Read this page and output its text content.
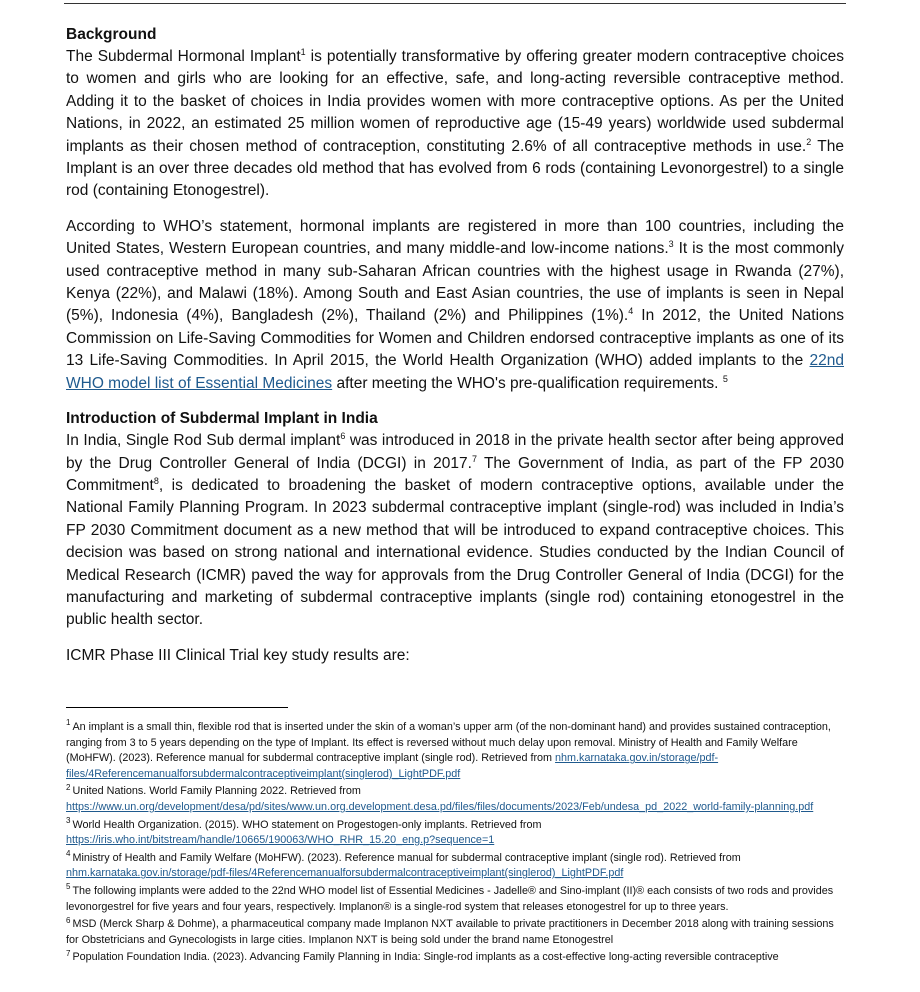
Background

The Subdermal Hormonal Implant$^1$ is potentially transformative by offering greater modern contraceptive choices to women and girls who are looking for an effective, safe, and long-acting reversible contraceptive method. Adding it to the basket of choices in India provides women with more contraceptive options. As per the United Nations, in 2022, an estimated 25 million women of reproductive age (15-49 years) worldwide used subdermal implants as their chosen method of contraception, constituting 2.6% of all contraceptive methods in use.$^2$ The Implant is an over three decades old method that has evolved from 6 rods (containing Levonorgestrel) to a single rod (containing Etonogestrel).

According to WHO’s statement, hormonal implants are registered in more than 100 countries, including the United States, Western European countries, and many middle-and low-income nations.$^3$ It is the most commonly used contraceptive method in many sub-Saharan African countries with the highest usage in Rwanda (27%), Kenya (22%), and Malawi (18%). Among South and East Asian countries, the use of implants is seen in Nepal (5%), Indonesia (4%), Bangladesh (2%), Thailand (2%) and Philippines (1%).$^4$ In 2012, the United Nations Commission on Life-Saving Commodities for Women and Children endorsed contraceptive implants as one of its 13 Life-Saving Commodities. In April 2015, the World Health Organization (WHO) added implants to the 22nd WHO model list of Essential Medicines after meeting the WHO's pre-qualification requirements. $^5$

Introduction of Subdermal Implant in India

In India, Single Rod Sub dermal implant$^6$ was introduced in 2018 in the private health sector after being approved by the Drug Controller General of India (DCGI) in 2017.$^7$ The Government of India, as part of the FP 2030 Commitment$^8$, is dedicated to broadening the basket of modern contraceptive options, available under the National Family Planning Program. In 2023 subdermal contraceptive implant (single-rod) was included in India’s FP 2030 Commitment document as a new method that will be introduced to expand contraceptive choices. This decision was based on strong national and international evidence. Studies conducted by the Indian Council of Medical Research (ICMR) paved the way for approvals from the Drug Controller General of India (DCGI) for the manufacturing and marketing of subdermal contraceptive implants (single rod) containing etonogestrel in the public health sector.

ICMR Phase III Clinical Trial key study results are:

$^1$ An implant is a small thin, flexible rod that is inserted under the skin of a woman’s upper arm (of the non-dominant hand) and provides sustained contraception, ranging from 3 to 5 years depending on the type of Implant. Its effect is reversed without much delay upon removal. Ministry of Health and Family Welfare (MoHFW). (2023). Reference manual for subdermal contraceptive implant (single rod). Retrieved from nhm.karnataka.gov.in/storage/pdf-files/4Referencemanualforsubdermalcontraceptiveimplant(singlerod)_LightPDF.pdf

$^2$ United Nations. World Family Planning 2022. Retrieved from https://www.un.org/development/desa/pd/sites/www.un.org.development.desa.pd/files/files/documents/2023/Feb/undesa_pd_2022_world-family-planning.pdf

$^3$ World Health Organization. (2015). WHO statement on Progestogen-only implants. Retrieved from https://iris.who.int/bitstream/handle/10665/190063/WHO_RHR_15.20_eng.p?sequence=1

$^4$ Ministry of Health and Family Welfare (MoHFW). (2023). Reference manual for subdermal contraceptive implant (single rod). Retrieved from nhm.karnataka.gov.in/storage/pdf-files/4Referencemanualforsubdermalcontraceptiveimplant(singlerod)_LightPDF.pdf

$^5$ The following implants were added to the 22nd WHO model list of Essential Medicines - Jadelle® and Sino-implant (II)® each consists of two rods and provides levonorgestrel for five years and four years, respectively. Implanon® is a single-rod system that releases etonogestrel for up to three years.

$^6$ MSD (Merck Sharp & Dohme), a pharmaceutical company made Implanon NXT available to private practitioners in December 2018 along with training sessions for Obstetricians and Gynecologists in large cities. Implanon NXT is being sold under the brand name Etonogestrel

$^7$ Population Foundation India. (2023). Advancing Family Planning in India: Single-rod implants as a cost-effective long-acting reversible contraceptive
